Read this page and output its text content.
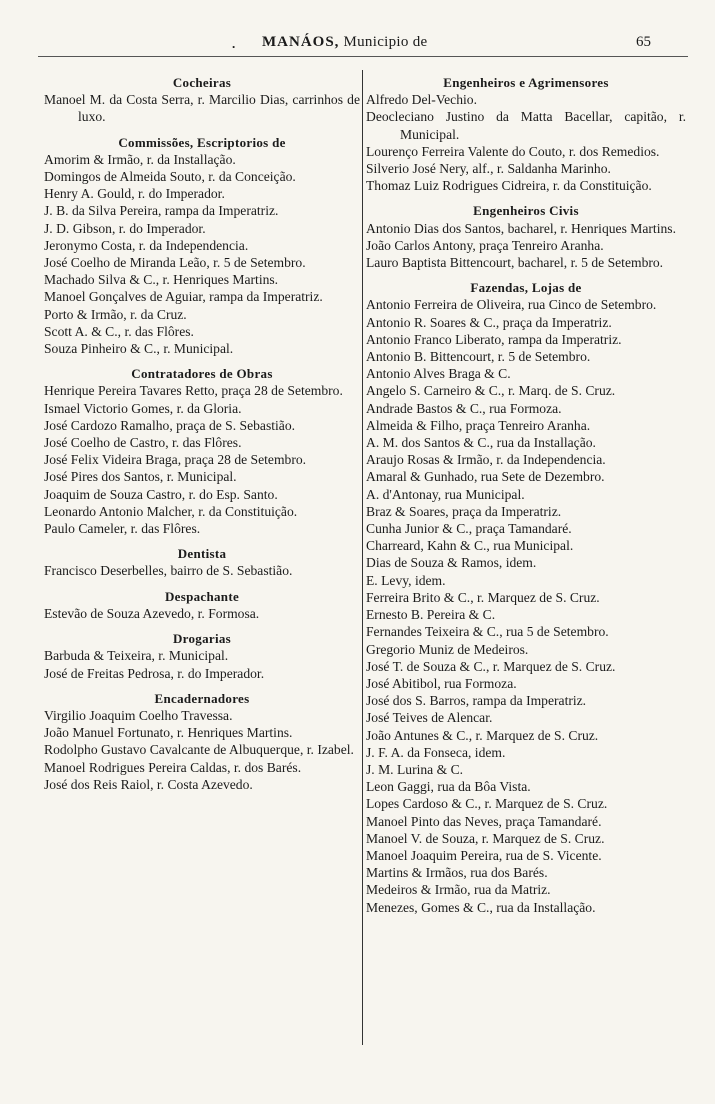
. MANÁOS, Municipio de	65
Cocheiras
Manoel M. da Costa Serra, r. Marcilio Dias, carrinhos de luxo.
Commissões, Escriptorios de
Amorim & Irmão, r. da Installação.
Domingos de Almeida Souto, r. da Conceição.
Henry A. Gould, r. do Imperador.
J. B. da Silva Pereira, rampa da Imperatriz.
J. D. Gibson, r. do Imperador.
Jeronymo Costa, r. da Independencia.
José Coelho de Miranda Leão, r. 5 de Setembro.
Machado Silva & C., r. Henriques Martins.
Manoel Gonçalves de Aguiar, rampa da Imperatriz.
Porto & Irmão, r. da Cruz.
Scott A. & C., r. das Flôres.
Souza Pinheiro & C., r. Municipal.
Contratadores de Obras
Henrique Pereira Tavares Retto, praça 28 de Setembro.
Ismael Victorio Gomes, r. da Gloria.
José Cardozo Ramalho, praça de S. Sebastião.
José Coelho de Castro, r. das Flôres.
José Felix Videira Braga, praça 28 de Setembro.
José Pires dos Santos, r. Municipal.
Joaquim de Souza Castro, r. do Esp. Santo.
Leonardo Antonio Malcher, r. da Constituição.
Paulo Cameler, r. das Flôres.
Dentista
Francisco Deserbelles, bairro de S. Sebastião.
Despachante
Estevão de Souza Azevedo, r. Formosa.
Drogarias
Barbuda & Teixeira, r. Municipal.
José de Freitas Pedrosa, r. do Imperador.
Encadernadores
Virgilio Joaquim Coelho Travessa.
João Manuel Fortunato, r. Henriques Martins.
Rodolpho Gustavo Cavalcante de Albuquerque, r. Izabel.
Manoel Rodrigues Pereira Caldas, r. dos Barés.
José dos Reis Raiol, r. Costa Azevedo.
Engenheiros e Agrimensores
Alfredo Del-Vechio.
Deocleciano Justino da Matta Bacellar, capitão, r. Municipal.
Lourenço Ferreira Valente do Couto, r. dos Remedios.
Silverio José Nery, alf., r. Saldanha Marinho.
Thomaz Luiz Rodrigues Cidreira, r. da Constituição.
Engenheiros Civis
Antonio Dias dos Santos, bacharel, r. Henriques Martins.
João Carlos Antony, praça Tenreiro Aranha.
Lauro Baptista Bittencourt, bacharel, r. 5 de Setembro.
Fazendas, Lojas de
Antonio Ferreira de Oliveira, rua Cinco de Setembro.
Antonio R. Soares & C., praça da Imperatriz.
Antonio Franco Liberato, rampa da Imperatriz.
Antonio B. Bittencourt, r. 5 de Setembro.
Antonio Alves Braga & C.
Angelo S. Carneiro & C., r. Marq. de S. Cruz.
Andrade Bastos & C., rua Formoza.
Almeida & Filho, praça Tenreiro Aranha.
A. M. dos Santos & C., rua da Installação.
Araujo Rosas & Irmão, r. da Independencia.
Amaral & Gunhado, rua Sete de Dezembro.
A. d'Antonay, rua Municipal.
Braz & Soares, praça da Imperatriz.
Cunha Junior & C., praça Tamandaré.
Charreard, Kahn & C., rua Municipal.
Dias de Souza & Ramos, idem.
E. Levy, idem.
Ferreira Brito & C., r. Marquez de S. Cruz.
Ernesto B. Pereira & C.
Fernandes Teixeira & C., rua 5 de Setembro.
Gregorio Muniz de Medeiros.
José T. de Souza & C., r. Marquez de S. Cruz.
José Abitibol, rua Formoza.
José dos S. Barros, rampa da Imperatriz.
José Teives de Alencar.
João Antunes & C., r. Marquez de S. Cruz.
J. F. A. da Fonseca, idem.
J. M. Lurina & C.
Leon Gaggi, rua da Bôa Vista.
Lopes Cardoso & C., r. Marquez de S. Cruz.
Manoel Pinto das Neves, praça Tamandaré.
Manoel V. de Souza, r. Marquez de S. Cruz.
Manoel Joaquim Pereira, rua de S. Vicente.
Martins & Irmãos, rua dos Barés.
Medeiros & Irmão, rua da Matriz.
Menezes, Gomes & C., rua da Installação.
